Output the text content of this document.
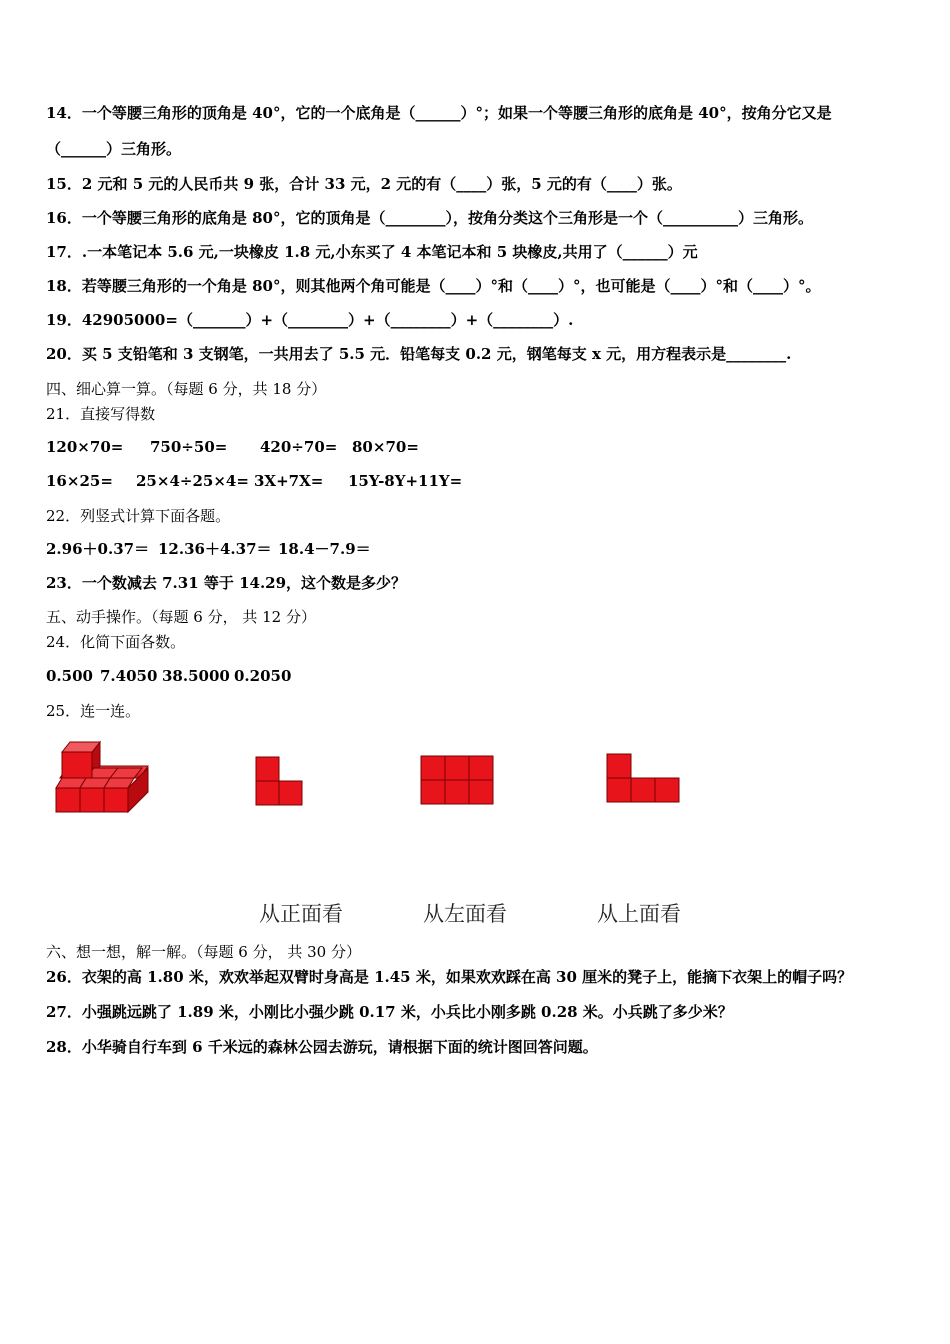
14．一个等腰三角形的顶角是 40°，它的一个底角是（______）°；如果一个等腰三角形的底角是 40°，按角分它又是
（______）三角形。
15．2 元和 5 元的人民币共 9 张，合计 33 元，2 元的有（____）张，5 元的有（____）张。
16．一个等腰三角形的底角是 80°，它的顶角是（________），按角分类这个三角形是一个（__________）三角形。
17．.一本笔记本 5.6 元,一块橡皮 1.8 元,小东买了 4 本笔记本和 5 块橡皮,共用了（______）元
18．若等腰三角形的一个角是 80°，则其他两个角可能是（____）°和（____）°，也可能是（____）°和（____）°。
19．42905000=（_______）+（________）+（________）+（________）.
20．买 5 支铅笔和 3 支钢笔，一共用去了 5.5 元．铅笔每支 0.2 元，钢笔每支 x 元，用方程表示是________.
四、细心算一算。（每题 6 分，共 18 分）
21．直接写得数
120×70= 750÷50= 420÷70= 80×70=
16×25= 25×4÷25×4= 3X+7X= 15Y-8Y+11Y=
22．列竖式计算下面各题。
2.96＋0.37＝ 12.36＋4.37＝ 18.4－7.9＝
23．一个数减去 7.31 等于 14.29，这个数是多少？
五、动手操作。（每题 6 分， 共 12 分）
24．化简下面各数。
0.500 7.4050 38.5000 0.2050
25．连一连。
从正面看	从左面看	从上面看
六、想一想，解一解。（每题 6 分， 共 30 分）
26．衣架的高 1.80 米，欢欢举起双臂时身高是 1.45 米，如果欢欢踩在高 30 厘米的凳子上，能摘下衣架上的帽子吗？
27．小强跳远跳了 1.89 米，小刚比小强少跳 0.17 米，小兵比小刚多跳 0.28 米。小兵跳了多少米？
28．小华骑自行车到 6 千米远的森林公园去游玩，请根据下面的统计图回答问题。
